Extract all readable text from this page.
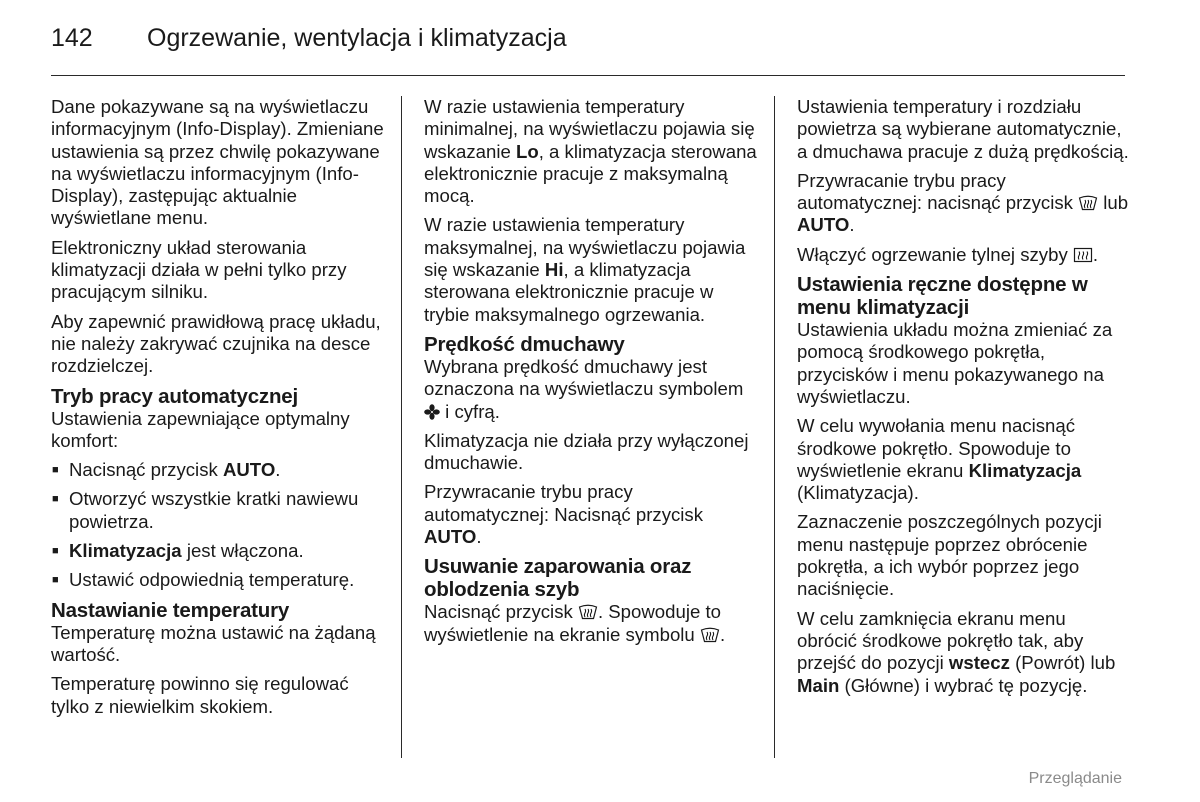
142	Ogrzewanie, wentylacja i klimatyzacja

Dane pokazywane są na wyświetlaczu informacyjnym (Info-Display). Zmieniane ustawienia są przez chwilę pokazywane na wyświetlaczu informacyjnym (Info-Display), zastępując aktualnie wyświetlane menu.

Elektroniczny układ sterowania klimatyzacji działa w pełni tylko przy pracującym silniku.

Aby zapewnić prawidłową pracę układu, nie należy zakrywać czujnika na desce rozdzielczej.

Tryb pracy automatycznej

Ustawienia zapewniające optymalny komfort:

■ Nacisnąć przycisk AUTO.
■ Otworzyć wszystkie kratki nawiewu powietrza.
■ Klimatyzacja jest włączona.
■ Ustawić odpowiednią temperaturę.
Nastawianie temperatury

Temperaturę można ustawić na żądaną wartość.

Temperaturę powinno się regulować tylko z niewielkim skokiem.

W razie ustawienia temperatury minimalnej, na wyświetlaczu pojawia się wskazanie Lo, a klimatyzacja sterowana elektronicznie pracuje z maksymalną mocą.

W razie ustawienia temperatury maksymalnej, na wyświetlaczu pojawia się wskazanie Hi, a klimatyzacja sterowana elektronicznie pracuje w trybie maksymalnego ogrzewania.

Prędkość dmuchawy

Wybrana prędkość dmuchawy jest oznaczona na wyświetlaczu symbolem
i cyfrą.

Klimatyzacja nie działa przy wyłączonej dmuchawie.

Przywracanie trybu pracy automatycznej: Nacisnąć przycisk AUTO.

Usuwanie zaparowania oraz oblodzenia szyb

Nacisnąć przycisk
. Spowoduje to wyświetlenie na ekranie symbolu
.

Ustawienia temperatury i rozdziału powietrza są wybierane automatycznie, a dmuchawa pracuje z dużą prędkością.

Przywracanie trybu pracy automatycznej: nacisnąć przycisk
lub AUTO.

Włączyć ogrzewanie tylnej szyby
.

Ustawienia ręczne dostępne w menu klimatyzacji

Ustawienia układu można zmieniać za pomocą środkowego pokrętła, przycisków i menu pokazywanego na wyświetlaczu.

W celu wywołania menu nacisnąć środkowe pokrętło. Spowoduje to wyświetlenie ekranu Klimatyzacja (Klimatyzacja).

Zaznaczenie poszczególnych pozycji menu następuje poprzez obrócenie pokrętła, a ich wybór poprzez jego naciśnięcie.

W celu zamknięcia ekranu menu obrócić środkowe pokrętło tak, aby przejść do pozycji wstecz (Powrót) lub Main (Główne) i wybrać tę pozycję.

Przeglądanie
